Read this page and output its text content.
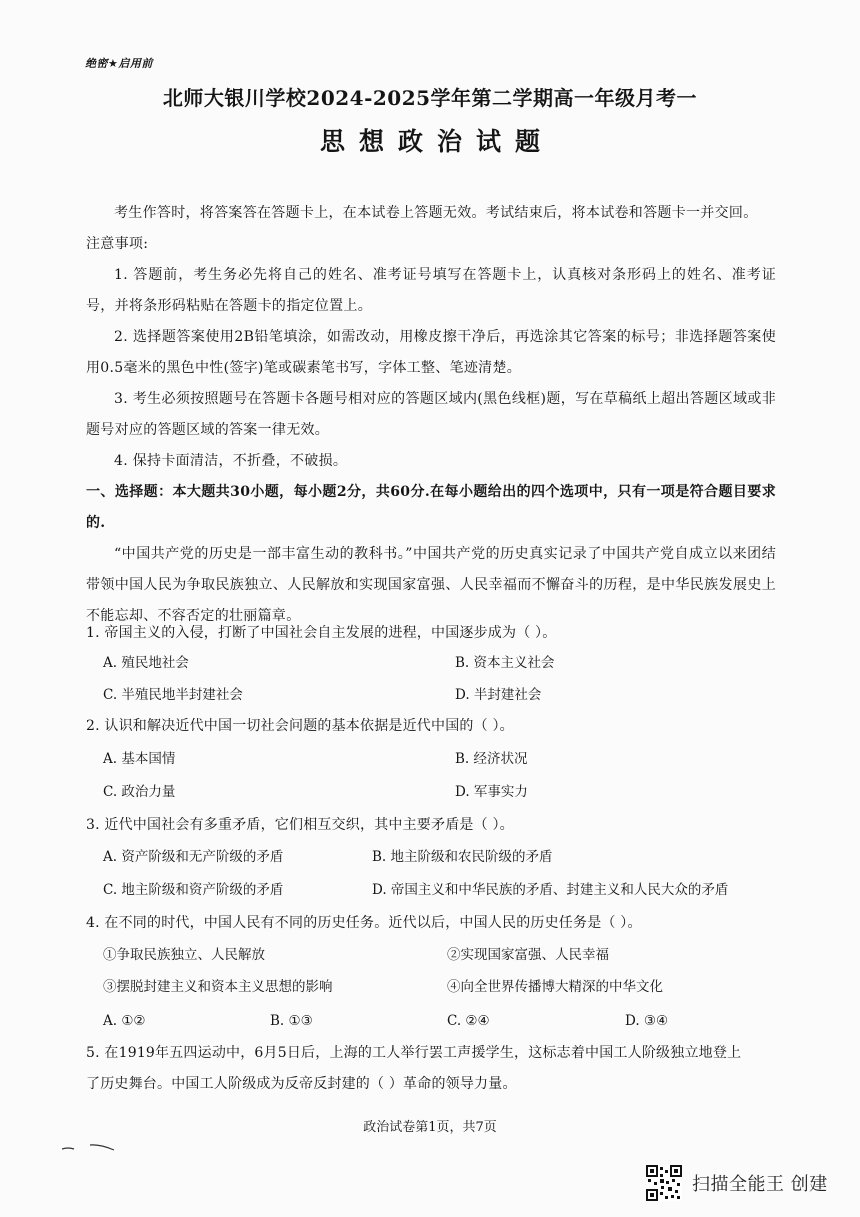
绝密★启用前
北师大银川学校2024-2025学年第二学期高一年级月考一
思想政治试题
考生作答时，将答案答在答题卡上，在本试卷上答题无效。考试结束后，将本试卷和答题卡一并交回。
注意事项:
1. 答题前，考生务必先将自己的姓名、准考证号填写在答题卡上，认真核对条形码上的姓名、准考证号，并将条形码粘贴在答题卡的指定位置上。
2. 选择题答案使用2B铅笔填涂，如需改动，用橡皮擦干净后，再选涂其它答案的标号；非选择题答案使用0.5毫米的黑色中性(签字)笔或碳素笔书写，字体工整、笔迹清楚。
3. 考生必须按照题号在答题卡各题号相对应的答题区域内(黑色线框)题，写在草稿纸上超出答题区域或非题号对应的答题区域的答案一律无效。
4. 保持卡面清洁，不折叠，不破损。
一、选择题：本大题共30小题，每小题2分，共60分.在每小题给出的四个选项中，只有一项是符合题目要求的.
“中国共产党的历史是一部丰富生动的教科书。”中国共产党的历史真实记录了中国共产党自成立以来团结带领中国人民为争取民族独立、人民解放和实现国家富强、人民幸福而不懈奋斗的历程，是中华民族发展史上不能忘却、不容否定的壮丽篇章。
1. 帝国主义的入侵，打断了中国社会自主发展的进程，中国逐步成为（ ）。
A. 殖民地社会	B. 资本主义社会
C. 半殖民地半封建社会	D. 半封建社会
2. 认识和解决近代中国一切社会问题的基本依据是近代中国的（ ）。
A. 基本国情	B. 经济状况
C. 政治力量	D. 军事实力
3. 近代中国社会有多重矛盾，它们相互交织，其中主要矛盾是（ ）。
A. 资产阶级和无产阶级的矛盾	B. 地主阶级和农民阶级的矛盾
C. 地主阶级和资产阶级的矛盾	D. 帝国主义和中华民族的矛盾、封建主义和人民大众的矛盾
4. 在不同的时代，中国人民有不同的历史任务。近代以后，中国人民的历史任务是（ ）。
①争取民族独立、人民解放	②实现国家富强、人民幸福
③摆脱封建主义和资本主义思想的影响	④向全世界传播博大精深的中华文化
A. ①②	B. ①③	C. ②④	D. ③④
5. 在1919年五四运动中，6月5日后，上海的工人举行罢工声援学生，这标志着中国工人阶级独立地登上
了历史舞台。中国工人阶级成为反帝反封建的（ ）革命的领导力量。
政治试卷第1页，共7页
扫描全能王 创建
